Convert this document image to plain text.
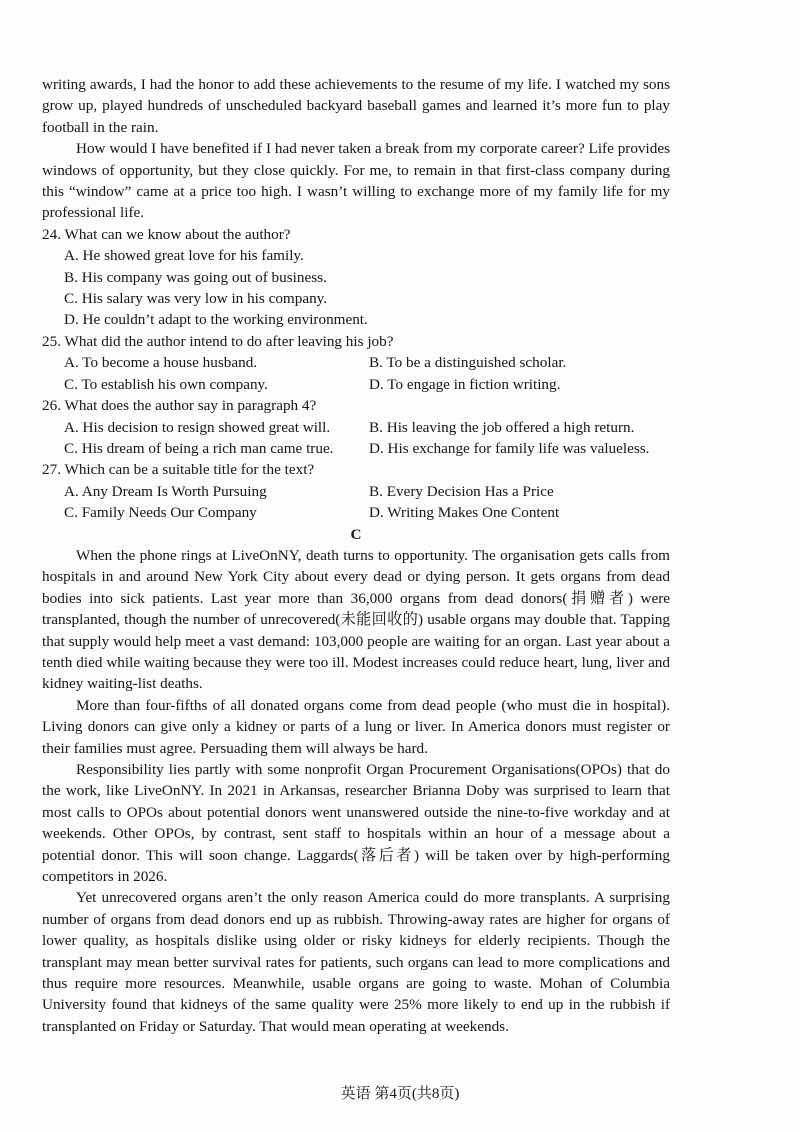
writing awards, I had the honor to add these achievements to the resume of my life. I watched my sons grow up, played hundreds of unscheduled backyard baseball games and learned it’s more fun to play football in the rain.

How would I have benefited if I had never taken a break from my corporate career? Life provides windows of opportunity, but they close quickly. For me, to remain in that first-class company during this “window” came at a price too high. I wasn’t willing to exchange more of my family life for my professional life.

24. What can we know about the author?

A. He showed great love for his family.
B. His company was going out of business.
C. His salary was very low in his company.
D. He couldn’t adapt to the working environment.

25. What did the author intend to do after leaving his job?

A. To become a house husband.	B. To be a distinguished scholar.
C. To establish his own company.	D. To engage in fiction writing.

26. What does the author say in paragraph 4?

A. His decision to resign showed great will.	B. His leaving the job offered a high return.
C. His dream of being a rich man came true.	D. His exchange for family life was valueless.

27. Which can be a suitable title for the text?

A. Any Dream Is Worth Pursuing	B. Every Decision Has a Price
C. Family Needs Our Company	D. Writing Makes One Content
C

When the phone rings at LiveOnNY, death turns to opportunity. The organisation gets calls from hospitals in and around New York City about every dead or dying person. It gets organs from dead bodies into sick patients. Last year more than 36,000 organs from dead donors(捐赠者) were transplanted, though the number of unrecovered(未能回收的) usable organs may double that. Tapping that supply would help meet a vast demand: 103,000 people are waiting for an organ. Last year about a tenth died while waiting because they were too ill. Modest increases could reduce heart, lung, liver and kidney waiting-list deaths.

More than four-fifths of all donated organs come from dead people (who must die in hospital). Living donors can give only a kidney or parts of a lung or liver. In America donors must register or their families must agree. Persuading them will always be hard.

Responsibility lies partly with some nonprofit Organ Procurement Organisations(OPOs) that do the work, like LiveOnNY. In 2021 in Arkansas, researcher Brianna Doby was surprised to learn that most calls to OPOs about potential donors went unanswered outside the nine-to-five workday and at weekends. Other OPOs, by contrast, sent staff to hospitals within an hour of a message about a potential donor. This will soon change. Laggards(落后者) will be taken over by high-performing competitors in 2026.

Yet unrecovered organs aren’t the only reason America could do more transplants. A surprising number of organs from dead donors end up as rubbish. Throwing-away rates are higher for organs of lower quality, as hospitals dislike using older or risky kidneys for elderly recipients. Though the transplant may mean better survival rates for patients, such organs can lead to more complications and thus require more resources. Meanwhile, usable organs are going to waste. Mohan of Columbia University found that kidneys of the same quality were 25% more likely to end up in the rubbish if transplanted on Friday or Saturday. That would mean operating at weekends.

英语 第4页(共8页)
